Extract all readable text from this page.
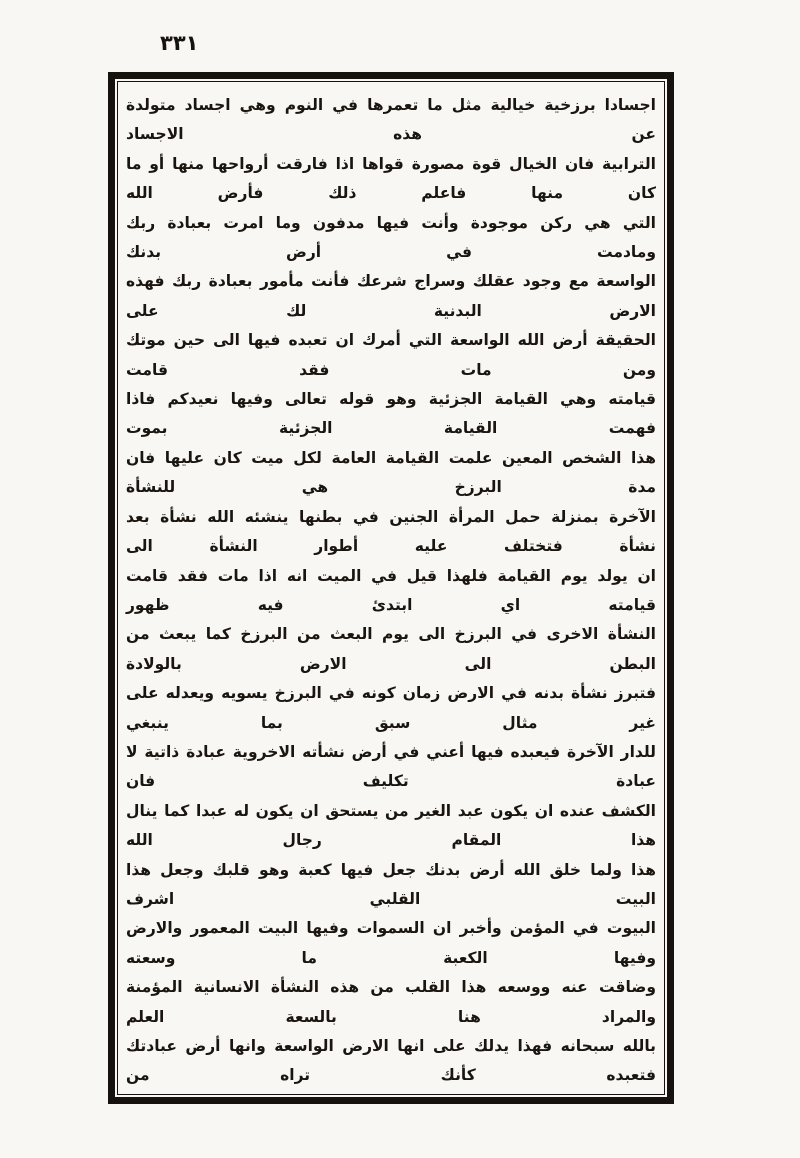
٣٣١

اجسادا برزخية خيالية مثل ما تعمرها في النوم وهي اجساد متولدة عن هذه الاجساد

الترابية فان الخيال قوة مصورة قواها اذا فارقت أرواحها منها أو ما كان منها فاعلم ذلك فأرض الله

التي هي ركن موجودة وأنت فيها مدفون وما امرت بعبادة ربك ومادمت في أرض بدنك

الواسعة مع وجود عقلك وسراج شرعك فأنت مأمور بعبادة ربك فهذه الارض البدنية لك على

الحقيقة أرض الله الواسعة التي أمرك ان تعبده فيها الى حين موتك ومن مات فقد قامت

قيامته وهي القيامة الجزئية وهو قوله تعالى وفيها نعيدكم فاذا فهمت القيامة الجزئية بموت

هذا الشخص المعين علمت القيامة العامة لكل ميت كان عليها فان مدة البرزخ هي للنشأة

الآخرة بمنزلة حمل المرأة الجنين في بطنها ينشئه الله نشأة بعد نشأة فتختلف عليه أطوار النشأة الى

ان يولد يوم القيامة فلهذا قيل في الميت انه اذا مات فقد قامت قيامته اي ابتدئ فيه ظهور

النشأة الاخرى في البرزخ الى يوم البعث من البرزخ كما يبعث من البطن الى الارض بالولادة

فتبرز نشأة بدنه في الارض زمان كونه في البرزخ يسويه ويعدله على غير مثال سبق بما ينبغي

للدار الآخرة فيعبده فيها أعني في أرض نشأته الاخروية عبادة ذاتية لا عبادة تكليف فان

الكشف عنده ان يكون عبد الغير من يستحق ان يكون له عبدا كما ينال هذا المقام رجال الله

هذا ولما خلق الله أرض بدنك جعل فيها كعبة وهو قلبك وجعل هذا البيت القلبي اشرف

البيوت في المؤمن وأخبر ان السموات وفيها البيت المعمور والارض وفيها الكعبة ما وسعته

وضاقت عنه ووسعه هذا القلب من هذه النشأة الانسانية المؤمنة والمراد هنا بالسعة العلم

بالله سبحانه فهذا يدلك على انها الارض الواسعة وانها أرض عبادتك فتعبده كأنك تراه من
